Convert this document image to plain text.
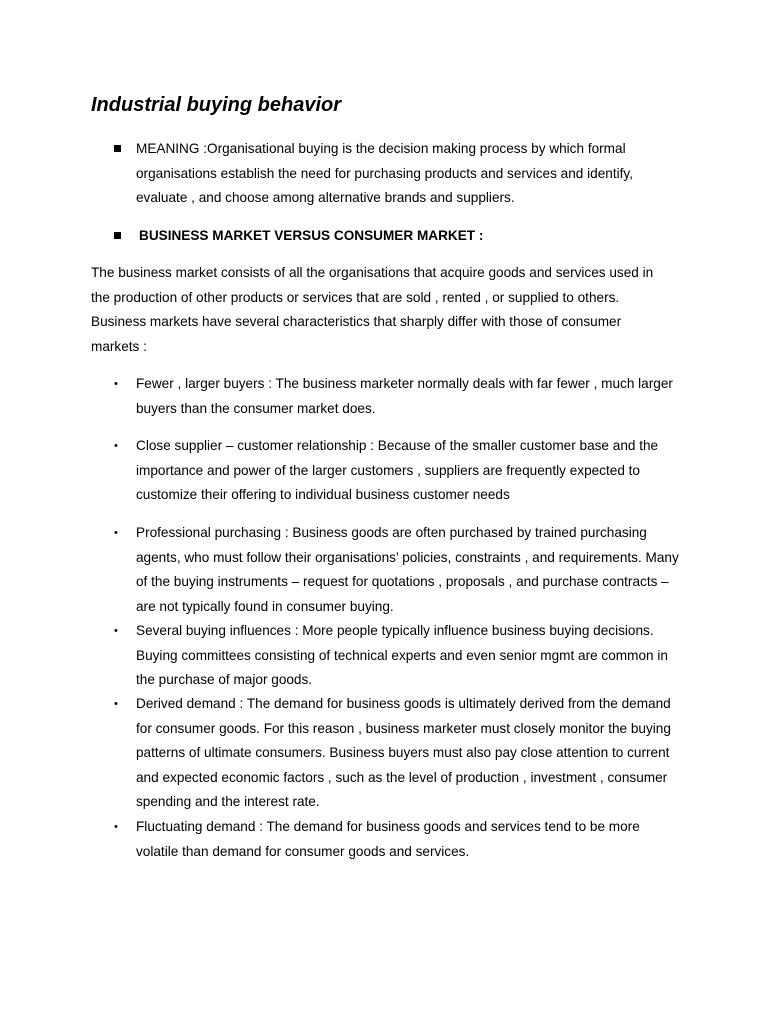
Industrial buying behavior
MEANING :Organisational buying is the decision making process by which formal organisations establish the need for purchasing products and services and identify, evaluate , and choose among alternative brands and suppliers.
BUSINESS MARKET VERSUS CONSUMER MARKET :

The business market consists of all the organisations that acquire goods and services used in the production of other products or services that are sold , rented , or supplied to others. Business markets have several characteristics that sharply differ with those of consumer markets :

• Fewer , larger buyers : The business marketer normally deals with far fewer , much larger buyers than the consumer market does.
• Close supplier – customer relationship : Because of the smaller customer base and the importance and power of the larger customers , suppliers are frequently expected to customize their offering to individual business customer needs
• Professional purchasing : Business goods are often purchased by trained purchasing agents, who must follow their organisations’ policies, constraints , and requirements. Many of the buying instruments – request for quotations , proposals , and purchase contracts – are not typically found in consumer buying.
• Several buying influences : More people typically influence business buying decisions. Buying committees consisting of technical experts and even senior mgmt are common in the purchase of major goods.
• Derived demand : The demand for business goods is ultimately derived from the demand for consumer goods. For this reason , business marketer must closely monitor the buying patterns of ultimate consumers. Business buyers must also pay close attention to current and expected economic factors , such as the level of production , investment , consumer spending and the interest rate.
• Fluctuating demand : The demand for business goods and services tend to be more volatile than demand for consumer goods and services.
